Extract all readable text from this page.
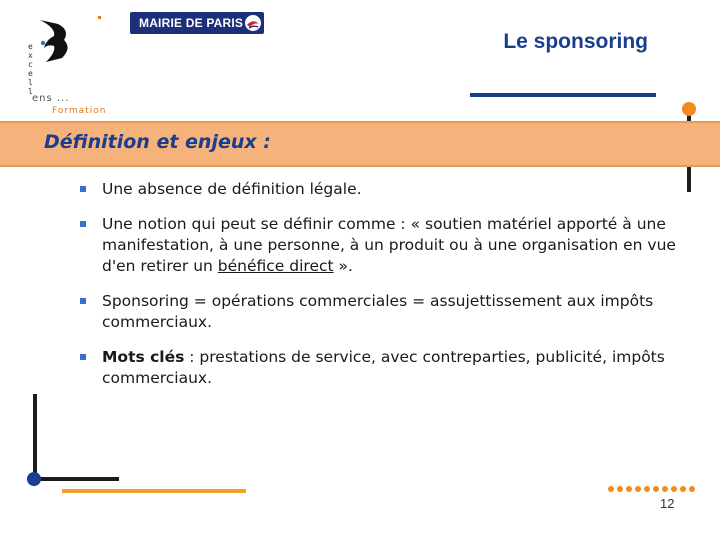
e
x
c
e
l
l
ens ...
Formation
MAIRIE DE PARIS
Le sponsoring
Définition et enjeux :
Une absence de définition légale.
Une notion qui peut se définir comme : « soutien matériel apporté à une manifestation, à une personne, à un produit ou à une organisation en vue d'en retirer un bénéfice direct ».
Sponsoring = opérations commerciales = assujettissement aux impôts commerciaux.
Mots clés : prestations de service, avec contreparties, publicité, impôts commerciaux.
12
